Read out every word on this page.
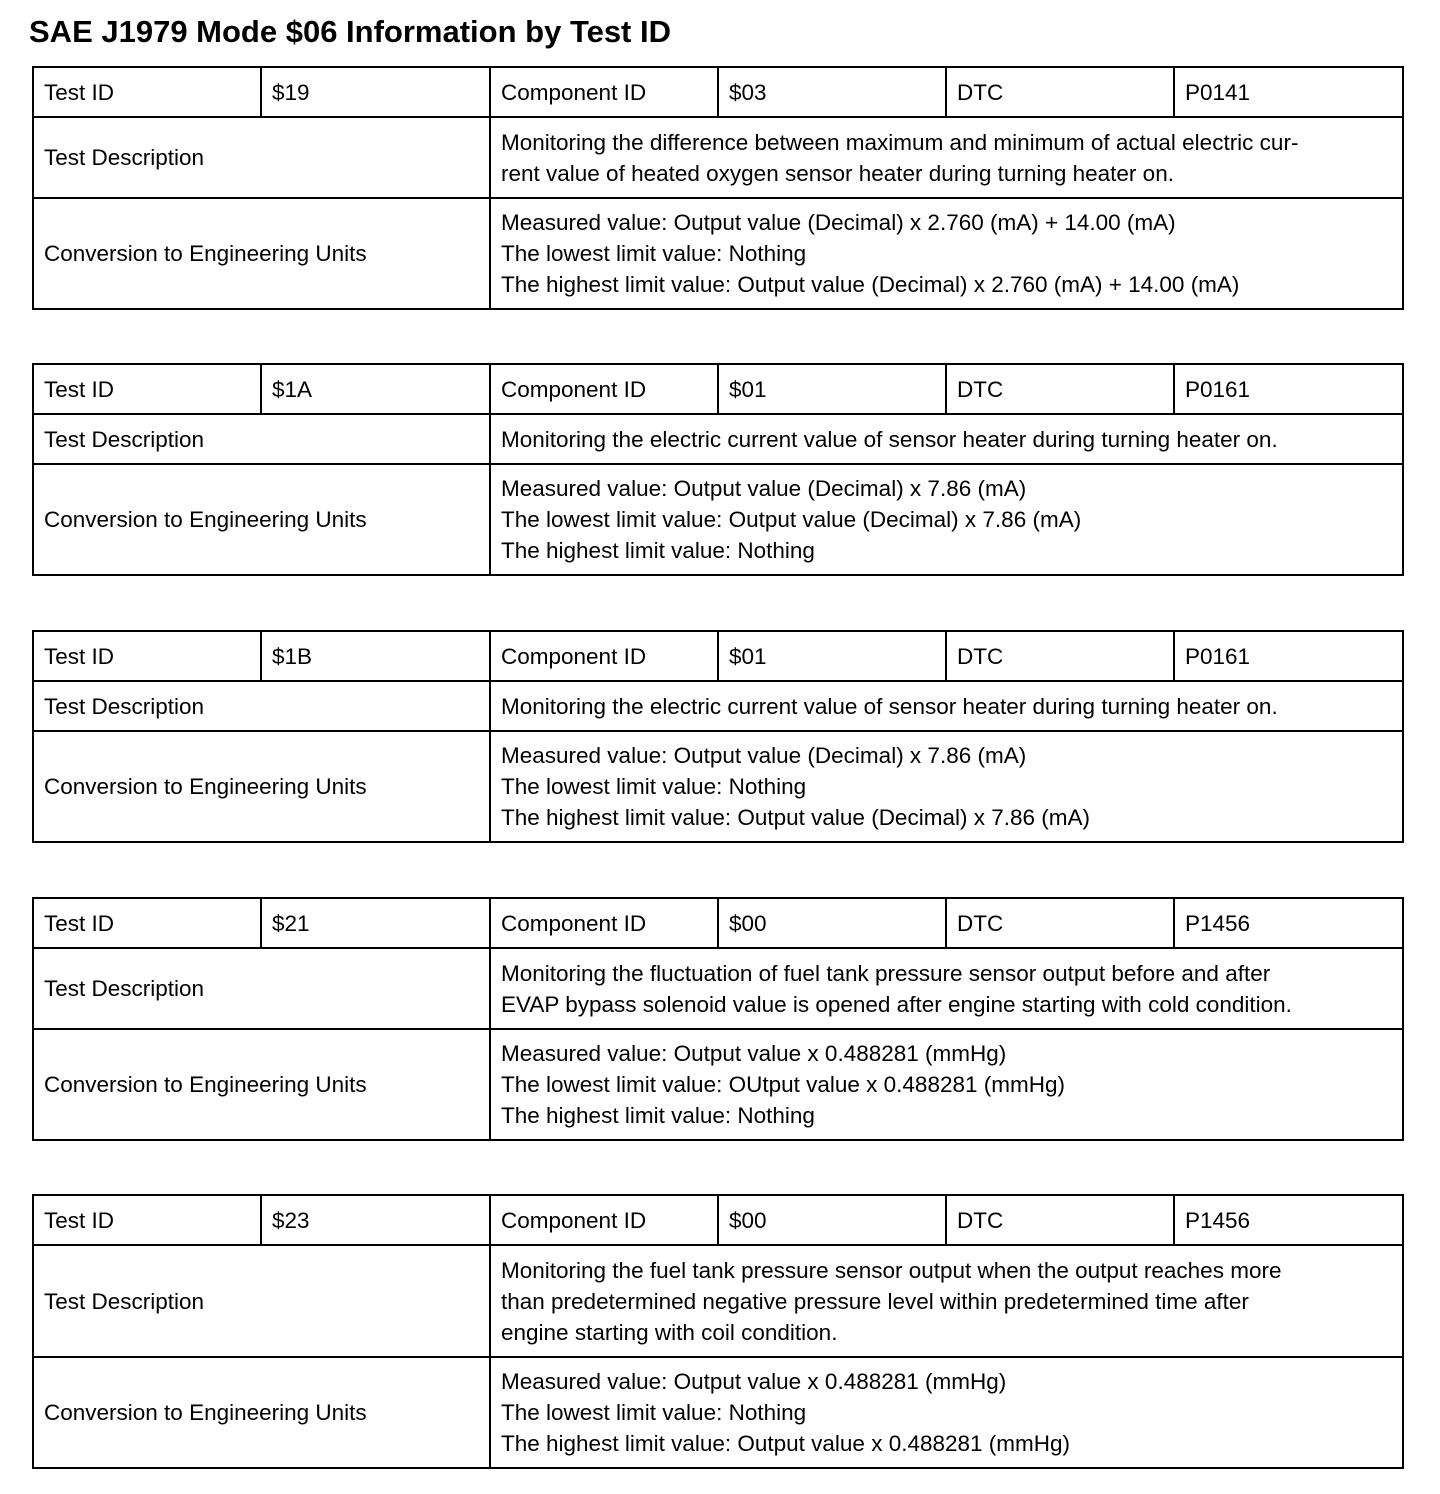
SAE J1979 Mode $06 Information by Test ID
Test ID	$19	Component ID	$03	DTC	P0141
Test Description		Monitoring the difference between maximum and minimum of actual electric cur-
rent value of heated oxygen sensor heater during turning heater on.			

Conversion to Engineering Units		Measured value: Output value (Decimal) x 2.760 (mA) + 14.00 (mA)
The lowest limit value: Nothing
The highest limit value: Output value (Decimal) x 2.760 (mA) + 14.00 (mA)			
Test ID	$1A	Component ID	$01	DTC	P0161
Test Description		Monitoring the electric current value of sensor heater during turning heater on.			

Conversion to Engineering Units		Measured value: Output value (Decimal) x 7.86 (mA)
The lowest limit value: Output value (Decimal) x 7.86 (mA)
The highest limit value: Nothing			
Test ID	$1B	Component ID	$01	DTC	P0161
Test Description		Monitoring the electric current value of sensor heater during turning heater on.			

Conversion to Engineering Units		Measured value: Output value (Decimal) x 7.86 (mA)
The lowest limit value: Nothing
The highest limit value: Output value (Decimal) x 7.86 (mA)			
Test ID	$21	Component ID	$00	DTC	P1456
Test Description		Monitoring the fluctuation of fuel tank pressure sensor output before and after
EVAP bypass solenoid value is opened after engine starting with cold condition.			

Conversion to Engineering Units		Measured value: Output value x 0.488281 (mmHg)
The lowest limit value: OUtput value x 0.488281 (mmHg)
The highest limit value: Nothing			
Test ID	$23	Component ID	$00	DTC	P1456
Test Description		Monitoring the fuel tank pressure sensor output when the output reaches more
than predetermined negative pressure level within predetermined time after
engine starting with coil condition.			

Conversion to Engineering Units		Measured value: Output value x 0.488281 (mmHg)
The lowest limit value: Nothing
The highest limit value: Output value x 0.488281 (mmHg)			
